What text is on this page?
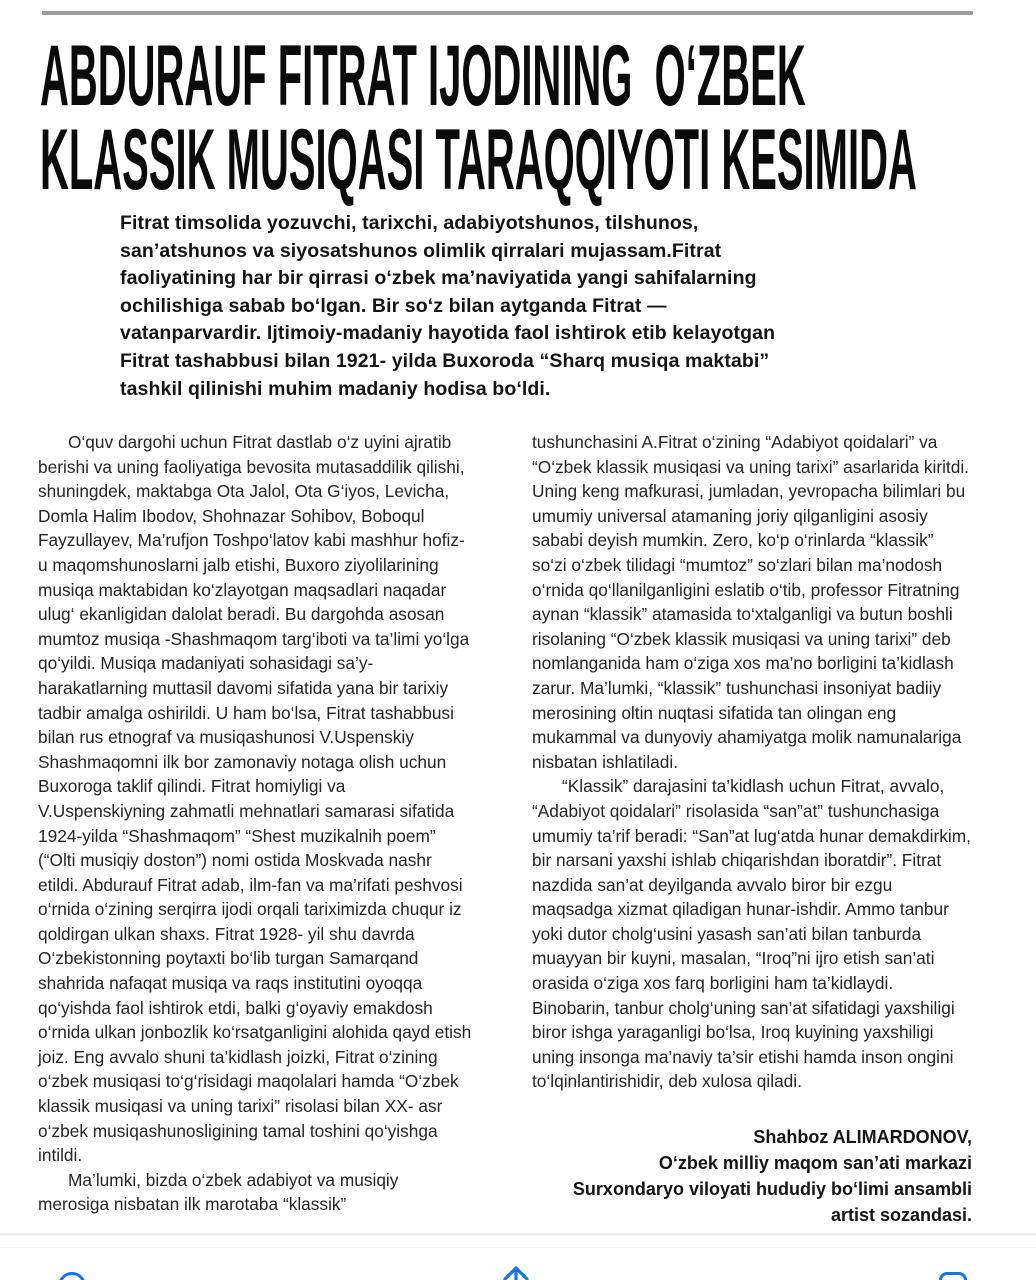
ABDURAUF FITRAT IJODINING  O‘ZBEK
KLASSIK MUSIQASI TARAQQIYOTI KESIMIDA
Fitrat timsolida yozuvchi, tarixchi, adabiyotshunos, tilshunos,
san’atshunos va siyosatshunos olimlik qirralari mujassam.Fitrat
faoliyatining har bir qirrasi o‘zbek ma’naviyatida yangi sahifalarning
ochilishiga sabab bo‘lgan. Bir so‘z bilan aytganda Fitrat —
vatanparvardir. Ijtimoiy-madaniy hayotida faol ishtirok etib kelayotgan
Fitrat tashabbusi bilan 1921- yilda Buxoroda “Sharq musiqa maktabi”
tashkil qilinishi muhim madaniy hodisa bo‘ldi.

O‘quv dargohi uchun Fitrat dastlab o‘z uyini ajratib berishi va uning faoliyatiga bevosita mutasaddilik qilishi, shuningdek, maktabga Ota Jalol, Ota G‘iyos, Levicha, Domla Halim Ibodov, Shohnazar Sohibov, Boboqul Fayzullayev, Ma’rufjon Toshpo‘latov kabi mashhur hofiz-u maqomshunoslarni jalb etishi, Buxoro ziyolilarining musiqa maktabidan ko‘zlayotgan maqsadlari naqadar ulug‘ ekanligidan dalolat beradi. Bu dargohda asosan mumtoz musiqa -Shashmaqom targ‘iboti va ta’limi yo‘lga qo‘yildi. Musiqa madaniyati sohasidagi sa’y-harakatlarning muttasil davomi sifatida yana bir tarixiy tadbir amalga oshirildi. U ham bo‘lsa, Fitrat tashabbusi bilan rus etnograf va musiqashunosi V.Uspenskiy Shashmaqomni ilk bor zamonaviy notaga olish uchun Buxoroga taklif qilindi. Fitrat homiyligi va V.Uspenskiyning zahmatli mehnatlari samarasi sifatida 1924-yilda “Shashmaqom” “Shest muzikalnih poem” (“Olti musiqiy doston”) nomi ostida Moskvada nashr etildi. Abdurauf Fitrat adab, ilm-fan va ma’rifati peshvosi o‘rnida o‘zining serqirra ijodi orqali tariximizda chuqur iz qoldirgan ulkan shaxs. Fitrat 1928- yil shu davrda O‘zbekistonning poytaxti bo‘lib turgan Samarqand shahrida nafaqat musiqa va raqs institutini oyoqqa qo‘yishda faol ishtirok etdi, balki g‘oyaviy emakdosh o‘rnida ulkan jonbozlik ko‘rsatganligini alohida qayd etish joiz. Eng avvalo shuni ta’kidlash joizki, Fitrat o‘zining o‘zbek musiqasi to‘g‘risidagi maqolalari hamda “O‘zbek klassik musiqasi va uning tarixi” risolasi bilan XX- asr o‘zbek musiqashunosligining tamal toshini qo‘yishga intildi.

Ma’lumki, bizda o‘zbek adabiyot va musiqiy merosiga nisbatan ilk marotaba “klassik”

tushunchasini A.Fitrat o‘zining “Adabiyot qoidalari” va “O‘zbek klassik musiqasi va uning tarixi” asarlarida kiritdi. Uning keng mafkurasi, jumladan, yevropacha bilimlari bu umumiy universal atamaning joriy qilganligini asosiy sababi deyish mumkin. Zero, ko‘p o‘rinlarda “klassik” so‘zi o‘zbek tilidagi “mumtoz” so‘zlari bilan ma’nodosh o‘rnida qo‘llanilganligini eslatib o‘tib, professor Fitratning aynan “klassik” atamasida to‘xtalganligi va butun boshli risolaning “O‘zbek klassik musiqasi va uning tarixi” deb nomlanganida ham o‘ziga xos ma’no borligini ta’kidlash zarur. Ma’lumki, “klassik” tushunchasi insoniyat badiiy merosining oltin nuqtasi sifatida tan olingan eng mukammal va dunyoviy ahamiyatga molik namunalariga nisbatan ishlatiladi.

“Klassik” darajasini ta’kidlash uchun Fitrat, avvalo, “Adabiyot qoidalari” risolasida “san”at” tushunchasiga umumiy ta’rif beradi: “San”at lug‘atda hunar demakdirkim, bir narsani yaxshi ishlab chiqarishdan iboratdir”. Fitrat nazdida san’at deyilganda avvalo biror bir ezgu maqsadga xizmat qiladigan hunar-ishdir. Ammo tanbur yoki dutor cholg‘usini yasash san’ati bilan tanburda muayyan bir kuyni, masalan, “Iroq”ni ijro etish san’ati orasida o‘ziga xos farq borligini ham ta’kidlaydi. Binobarin, tanbur cholg‘uning san’at sifatidagi yaxshiligi biror ishga yaraganligi bo‘lsa, Iroq kuyining yaxshiligi uning insonga ma’naviy ta’sir etishi hamda inson ongini to‘lqinlantirishidir, deb xulosa qiladi.

Shahboz ALIMARDONOV,
O‘zbek milliy maqom san’ati markazi
Surxondaryo viloyati hududiy bo‘limi ansambli
artist sozandasi.
